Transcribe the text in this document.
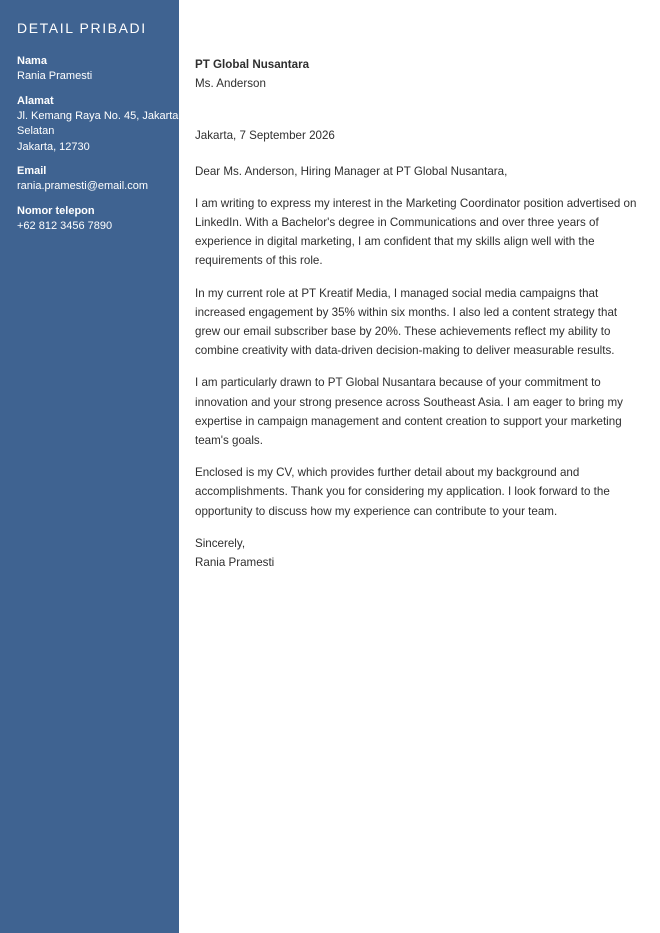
DETAIL PRIBADI
Nama
Rania Pramesti
Alamat
Jl. Kemang Raya No. 45, Jakarta
Selatan
Jakarta, 12730
Email
rania.pramesti@email.com
Nomor telepon
+62 812 3456 7890
PT Global Nusantara
Ms. Anderson
Jakarta, 7 September 2026
Dear Ms. Anderson, Hiring Manager at PT Global Nusantara,
I am writing to express my interest in the Marketing Coordinator position advertised on
LinkedIn. With a Bachelor's degree in Communications and over three years of
experience in digital marketing, I am confident that my skills align well with the
requirements of this role.
In my current role at PT Kreatif Media, I managed social media campaigns that
increased engagement by 35% within six months. I also led a content strategy that
grew our email subscriber base by 20%. These achievements reflect my ability to
combine creativity with data-driven decision-making to deliver measurable results.
I am particularly drawn to PT Global Nusantara because of your commitment to
innovation and your strong presence across Southeast Asia. I am eager to bring my
expertise in campaign management and content creation to support your marketing
team's goals.
Enclosed is my CV, which provides further detail about my background and
accomplishments. Thank you for considering my application. I look forward to the
opportunity to discuss how my experience can contribute to your team.
Sincerely,
Rania Pramesti
